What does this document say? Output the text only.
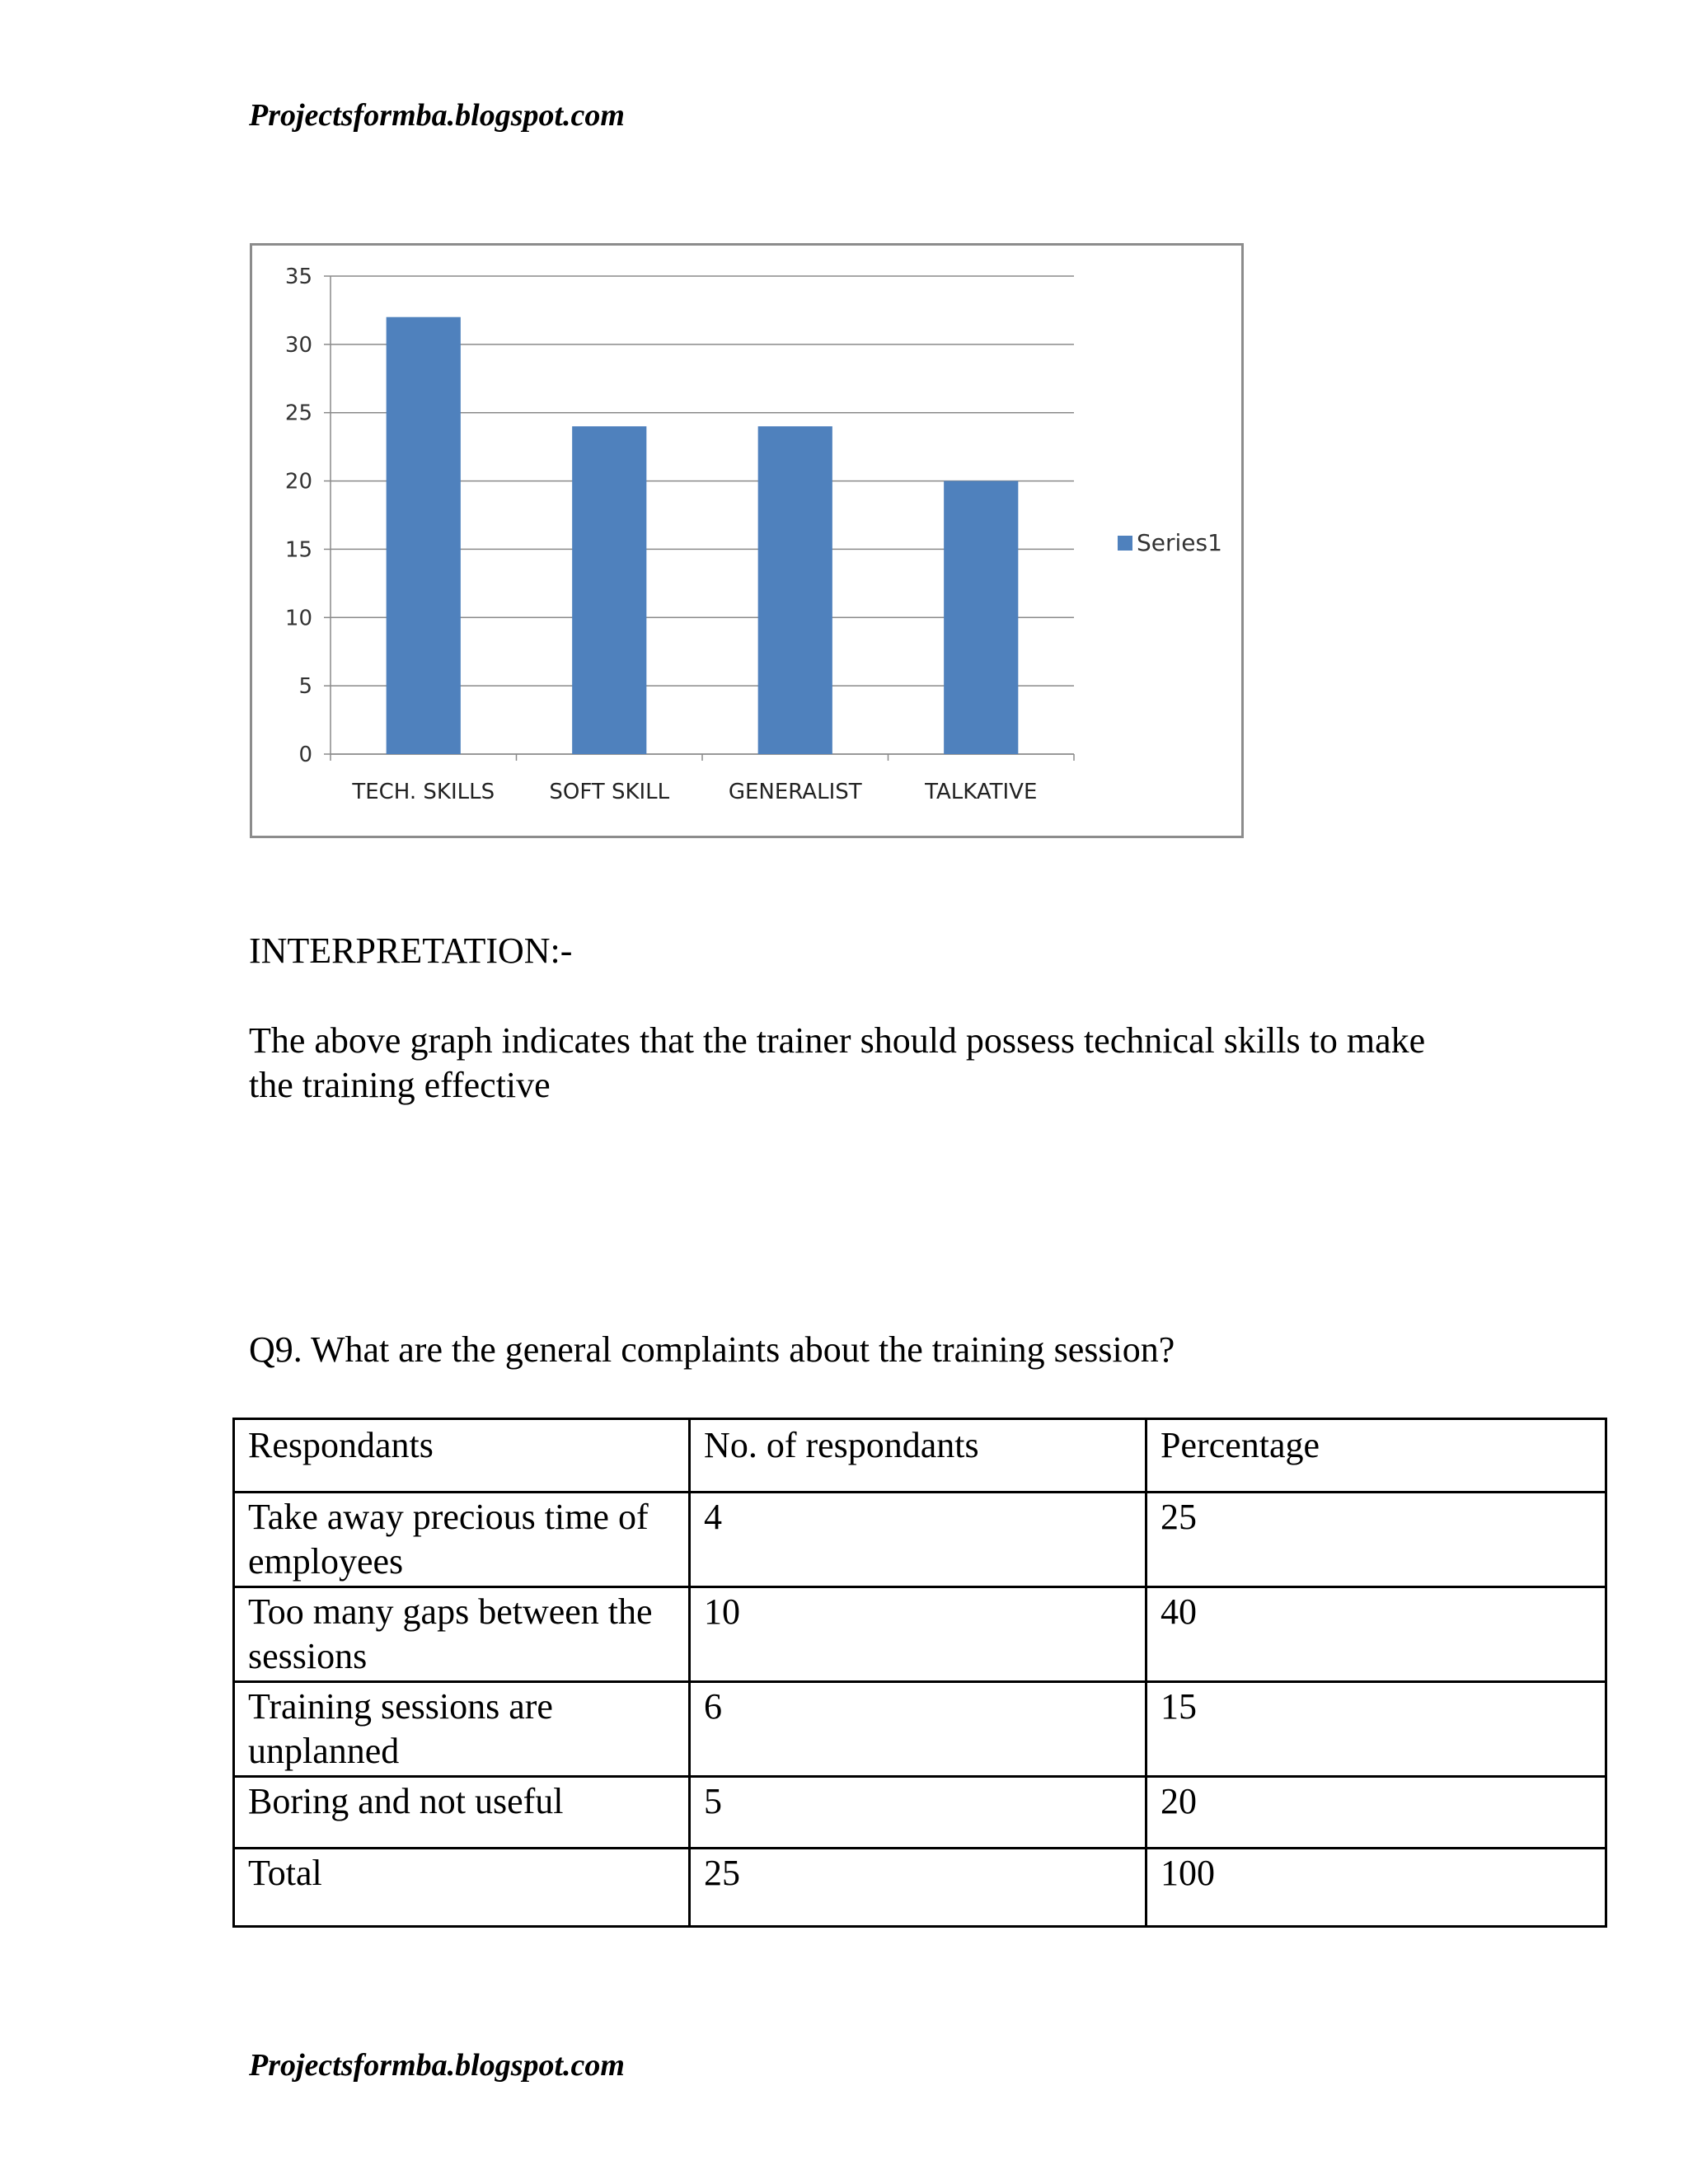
Projectsformba.blogspot.com
0
5
10
15
20
25
30
35
TECH. SKILLS	SOFT SKILL	GENERALIST	TALKATIVE
Series1
INTERPRETATION:-
The above graph indicates that the trainer should possess technical skills to make the training effective
Q9. What are the general complaints about the training session?
Respondants	No. of respondants	Percentage
Take away precious time of employees	4	25
Too many gaps between the sessions	10	40
Training sessions are unplanned	6	15
Boring and not useful	5	20
Total	25	100
Projectsformba.blogspot.com
